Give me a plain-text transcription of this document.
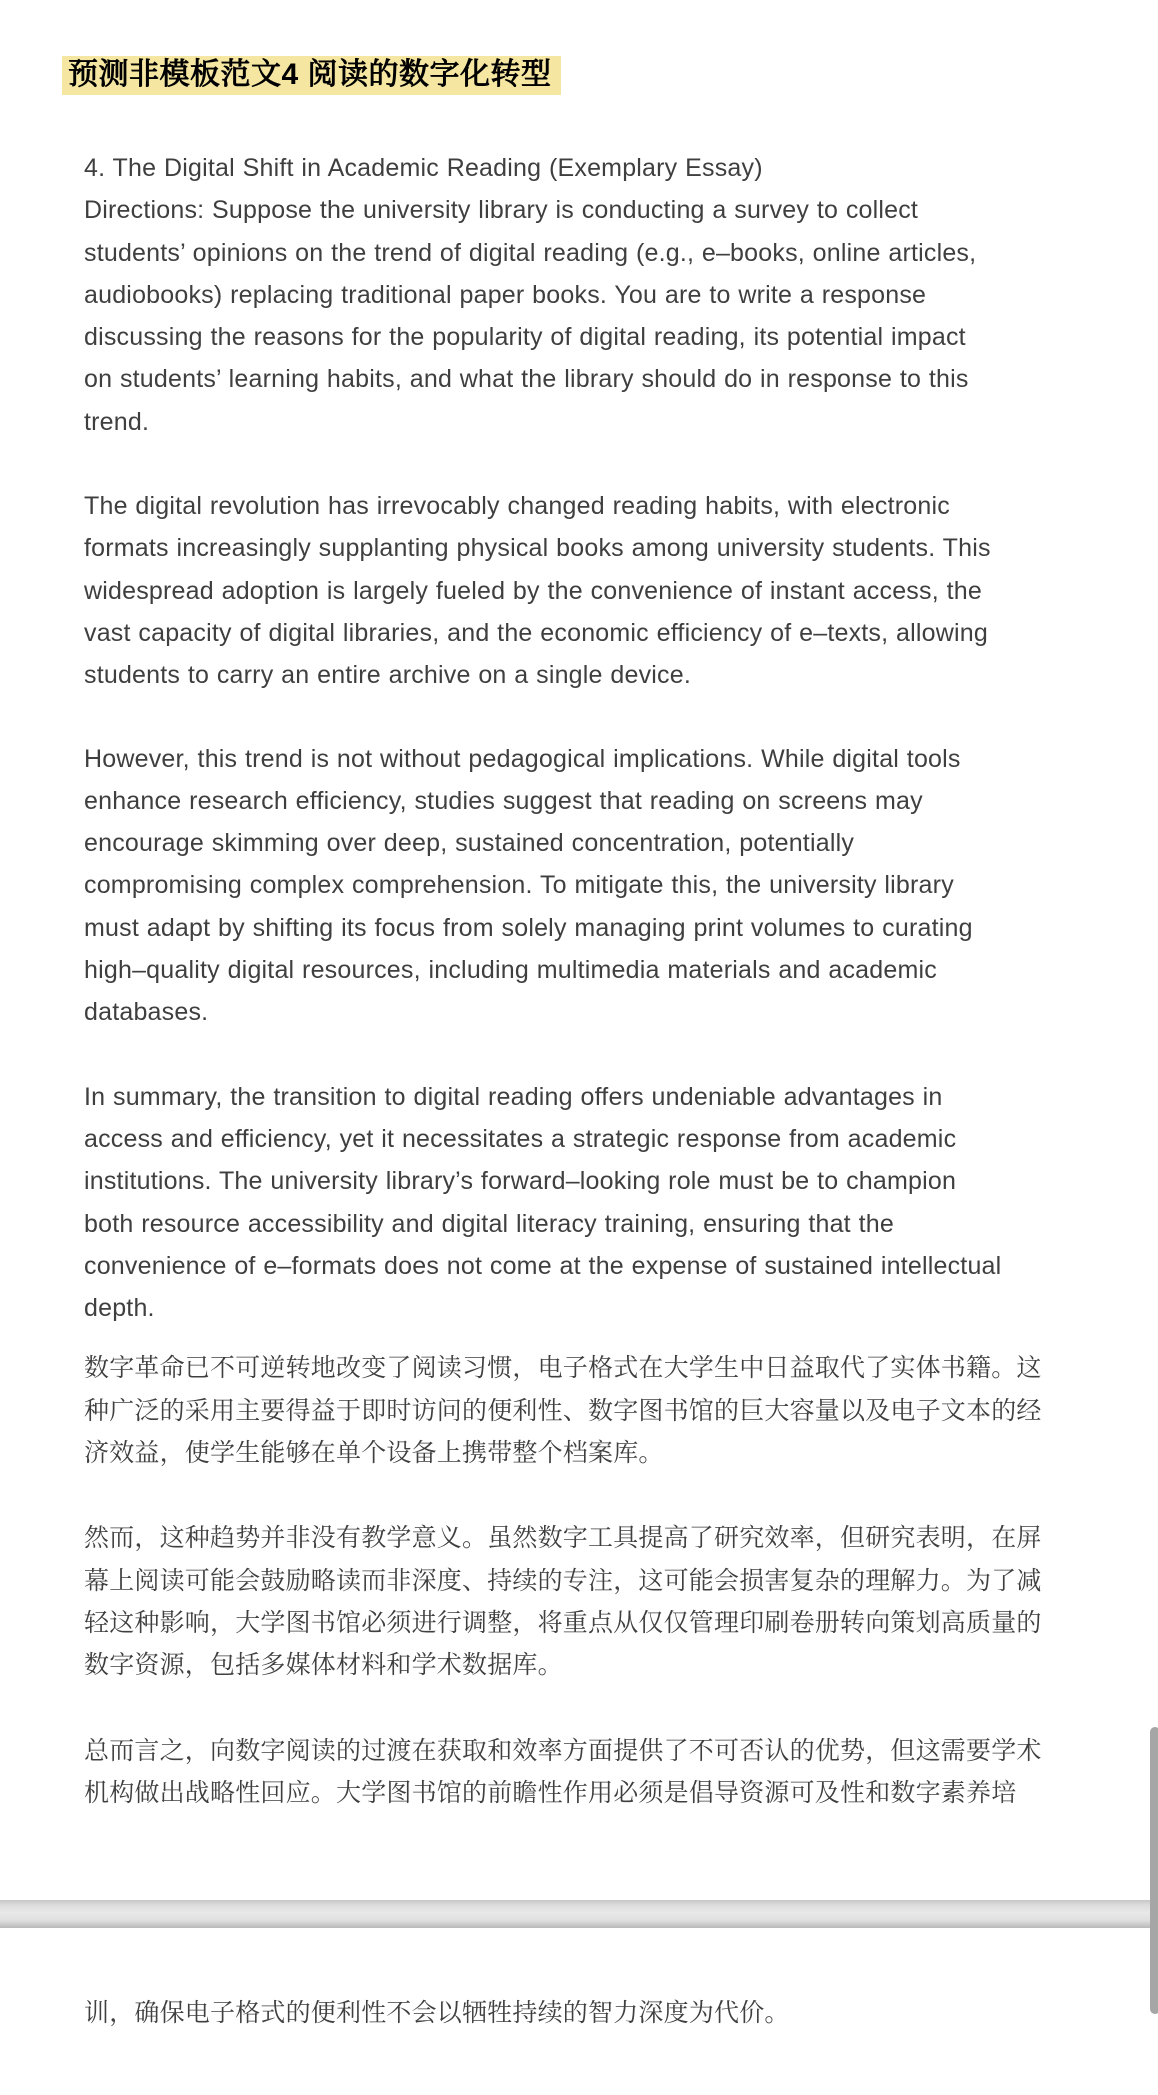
预测非模板范文4 阅读的数字化转型
4. The Digital Shift in Academic Reading (Exemplary Essay)
Directions: Suppose the university library is conducting a survey to collect
students’ opinions on the trend of digital reading (e.g., e–books, online articles,
audiobooks) replacing traditional paper books. You are to write a response
discussing the reasons for the popularity of digital reading, its potential impact
on students’ learning habits, and what the library should do in response to this
trend.
The digital revolution has irrevocably changed reading habits, with electronic
formats increasingly supplanting physical books among university students. This
widespread adoption is largely fueled by the convenience of instant access, the
vast capacity of digital libraries, and the economic efficiency of e–texts, allowing
students to carry an entire archive on a single device.
However, this trend is not without pedagogical implications. While digital tools
enhance research efficiency, studies suggest that reading on screens may
encourage skimming over deep, sustained concentration, potentially
compromising complex comprehension. To mitigate this, the university library
must adapt by shifting its focus from solely managing print volumes to curating
high–quality digital resources, including multimedia materials and academic
databases.
In summary, the transition to digital reading offers undeniable advantages in
access and efficiency, yet it necessitates a strategic response from academic
institutions. The university library’s forward–looking role must be to champion
both resource accessibility and digital literacy training, ensuring that the
convenience of e–formats does not come at the expense of sustained intellectual
depth.
数字革命已不可逆转地改变了阅读习惯，电子格式在大学生中日益取代了实体书籍。这
种广泛的采用主要得益于即时访问的便利性、数字图书馆的巨大容量以及电子文本的经
济效益，使学生能够在单个设备上携带整个档案库。
然而，这种趋势并非没有教学意义。虽然数字工具提高了研究效率，但研究表明，在屏
幕上阅读可能会鼓励略读而非深度、持续的专注，这可能会损害复杂的理解力。为了减
轻这种影响，大学图书馆必须进行调整，将重点从仅仅管理印刷卷册转向策划高质量的
数字资源，包括多媒体材料和学术数据库。
总而言之，向数字阅读的过渡在获取和效率方面提供了不可否认的优势，但这需要学术
机构做出战略性回应。大学图书馆的前瞻性作用必须是倡导资源可及性和数字素养培
训，确保电子格式的便利性不会以牺牲持续的智力深度为代价。
